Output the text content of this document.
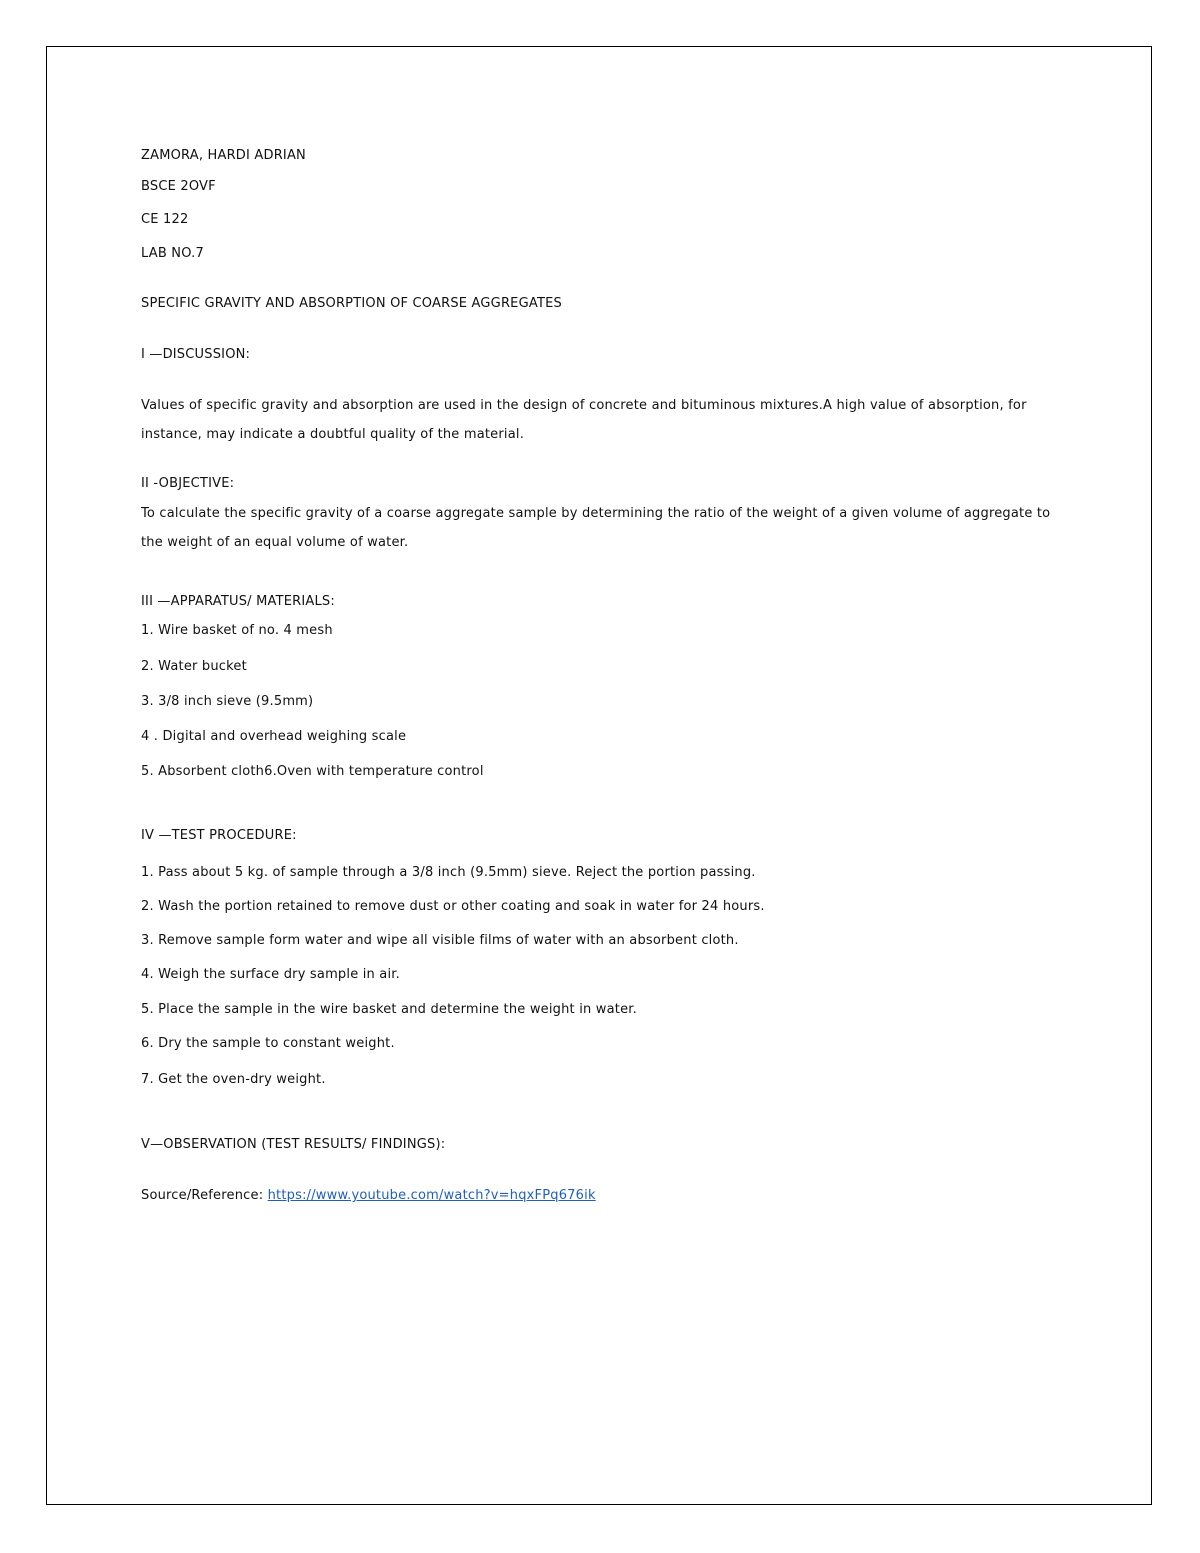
ZAMORA, HARDI ADRIAN
BSCE 2OVF
CE 122
LAB NO.7
SPECIFIC GRAVITY AND ABSORPTION OF COARSE AGGREGATES
I —DISCUSSION:
Values of specific gravity and absorption are used in the design of concrete and bituminous mixtures.A high value of absorption, for instance, may indicate a doubtful quality of the material.
II -OBJECTIVE:
To calculate the specific gravity of a coarse aggregate sample by determining the ratio of the weight of a given volume of aggregate to the weight of an equal volume of water.
III —APPARATUS/ MATERIALS:
1. Wire basket of no. 4 mesh
2. Water bucket
3. 3/8 inch sieve (9.5mm)
4 . Digital and overhead weighing scale
5. Absorbent cloth6.Oven with temperature control
IV —TEST PROCEDURE:
1. Pass about 5 kg. of sample through a 3/8 inch (9.5mm) sieve. Reject the portion passing.
2. Wash the portion retained to remove dust or other coating and soak in water for 24 hours.
3. Remove sample form water and wipe all visible films of water with an absorbent cloth.
4. Weigh the surface dry sample in air.
5. Place the sample in the wire basket and determine the weight in water.
6. Dry the sample to constant weight.
7. Get the oven-dry weight.
V—OBSERVATION (TEST RESULTS/ FINDINGS):
Source/Reference: https://www.youtube.com/watch?v=hqxFPq676ik
